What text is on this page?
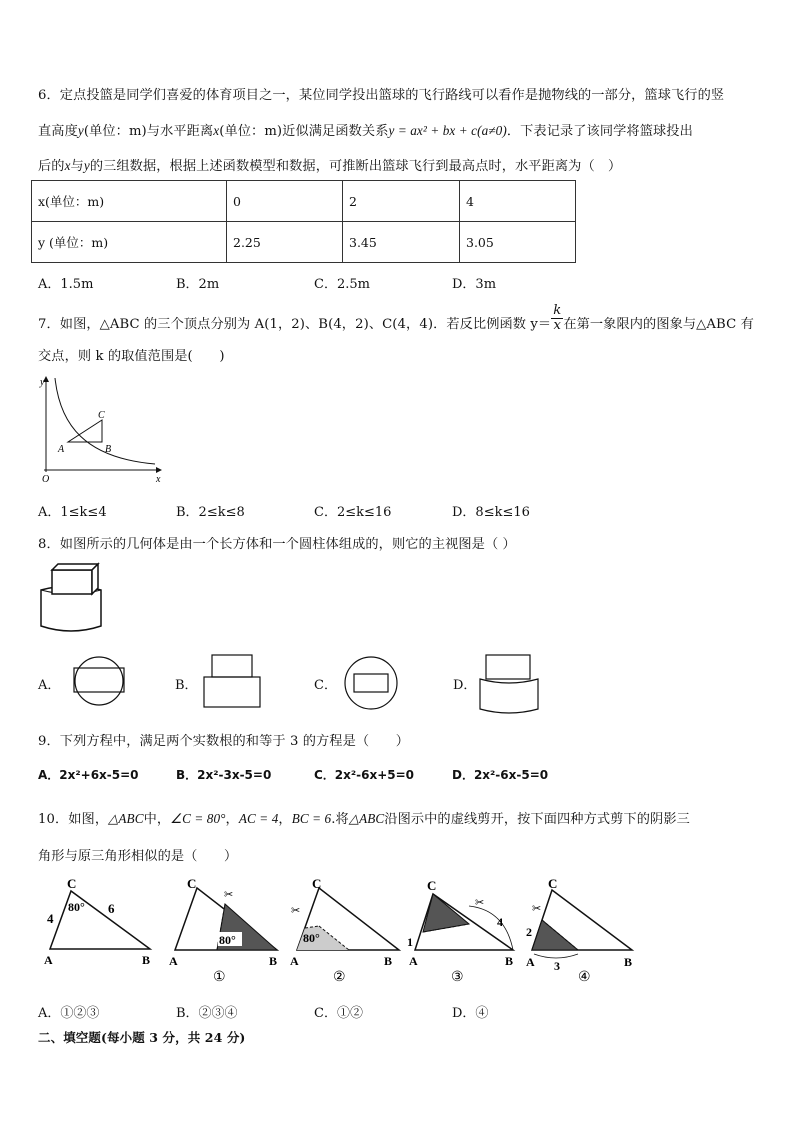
6．定点投篮是同学们喜爱的体育项目之一，某位同学投出篮球的飞行路线可以看作是抛物线的一部分，篮球飞行的竖
直高度y(单位：m)与水平距离x(单位：m)近似满足函数关系y = ax² + bx + c(a≠0)．下表记录了该同学将篮球投出
后的x与y的三组数据，根据上述函数模型和数据，可推断出篮球飞行到最高点时，水平距离为（　）
x(单位：m)	0	2	4
y (单位：m)	2.25	3.45	3.05
A．1.5m	B．2m	C．2.5m	D．3m
7．如图，△ABC 的三个顶点分别为 A(1，2)、B(4，2)、C(4，4)．若反比例函数 $y= \frac{k}{x}$ 在第一象限内的图象与△ABC 有
交点，则 k 的取值范围是(　　)
y
x
O
A	B
C
A．1≤k≤4	B．2≤k≤8	C．2≤k≤16	D．8≤k≤16
8．如图所示的几何体是由一个长方体和一个圆柱体组成的，则它的主视图是（ ）
A．	B．	C．	D．
9．下列方程中，满足两个实数根的和等于 3 的方程是（　　）
A．2x²+6x-5=0	B．2x²-3x-5=0	C．2x²-6x+5=0	D．2x²-6x-5=0
10．如图，△ABC中，∠C = 80°，AC = 4，BC = 6.将△ABC沿图示中的虚线剪开，按下面四种方式剪下的阴影三
角形与原三角形相似的是（　　）
C
A	B
4
6
80°
80°
✂
C
A	B
①
80°
✂
C
A	B
②
✂
C
A	B
1
4
③
✂
C
A	B
2
3
④
A．①②③	B．②③④	C．①②	D．④
二、填空题(每小题 3 分，共 24 分)
